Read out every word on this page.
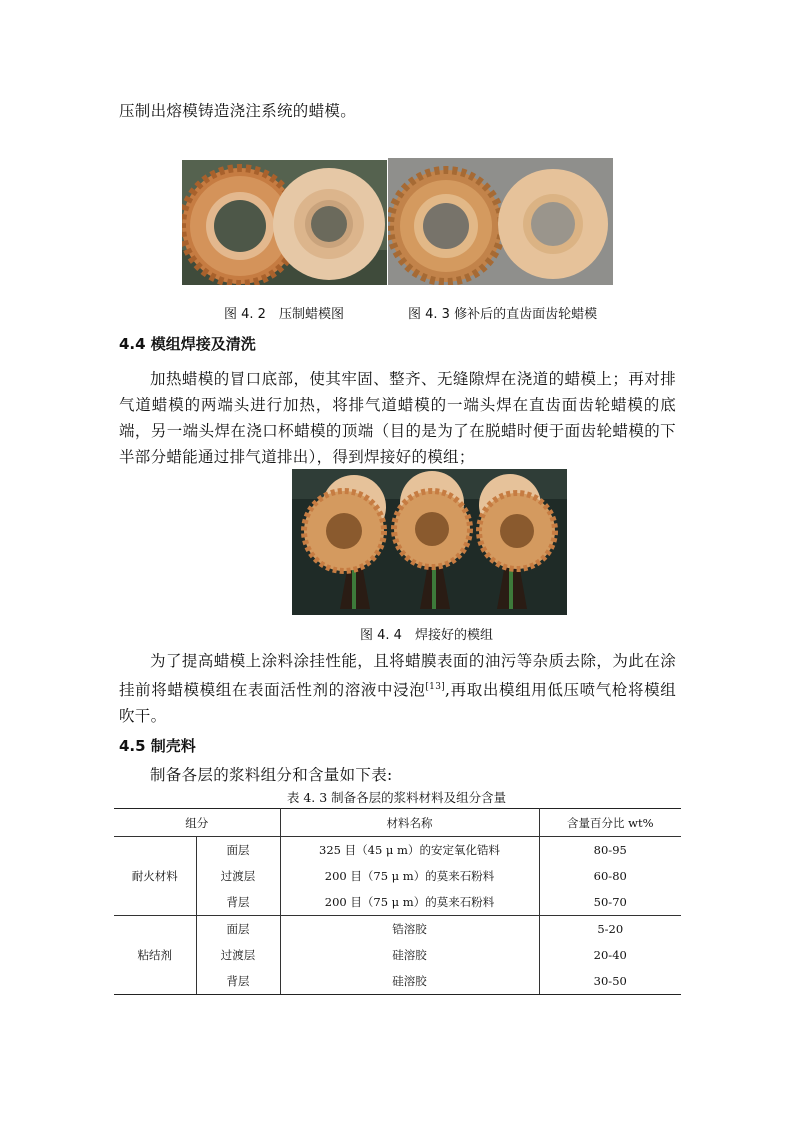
压制出熔模铸造浇注系统的蜡模。
图 4. 2　压制蜡模图	图 4. 3 修补后的直齿面齿轮蜡模
4.4 模组焊接及清洗
加热蜡模的冒口底部，使其牢固、整齐、无缝隙焊在浇道的蜡模上；再对排气道蜡模的两端头进行加热，将排气道蜡模的一端头焊在直齿面齿轮蜡模的底端，另一端头焊在浇口杯蜡模的顶端（目的是为了在脱蜡时便于面齿轮蜡模的下半部分蜡能通过排气道排出），得到焊接好的模组；
图 4. 4　焊接好的模组
为了提高蜡模上涂料涂挂性能，且将蜡膜表面的油污等杂质去除，为此在涂挂前将蜡模模组在表面活性剂的溶液中浸泡[13],再取出模组用低压喷气枪将模组吹干。
4.5 制壳料
制备各层的浆料组分和含量如下表:
表 4. 3 制备各层的浆料材料及组分含量
组分		材料名称	含量百分比 wt%
耐火材料	面层	325 目（45 μ m）的安定氧化锆料	80-95
	过渡层	200 目（75 μ m）的莫来石粉料	60-80
	背层	200 目（75 μ m）的莫来石粉料	50-70
粘结剂	面层	锆溶胶	5-20
	过渡层	硅溶胶	20-40
	背层	硅溶胶	30-50
